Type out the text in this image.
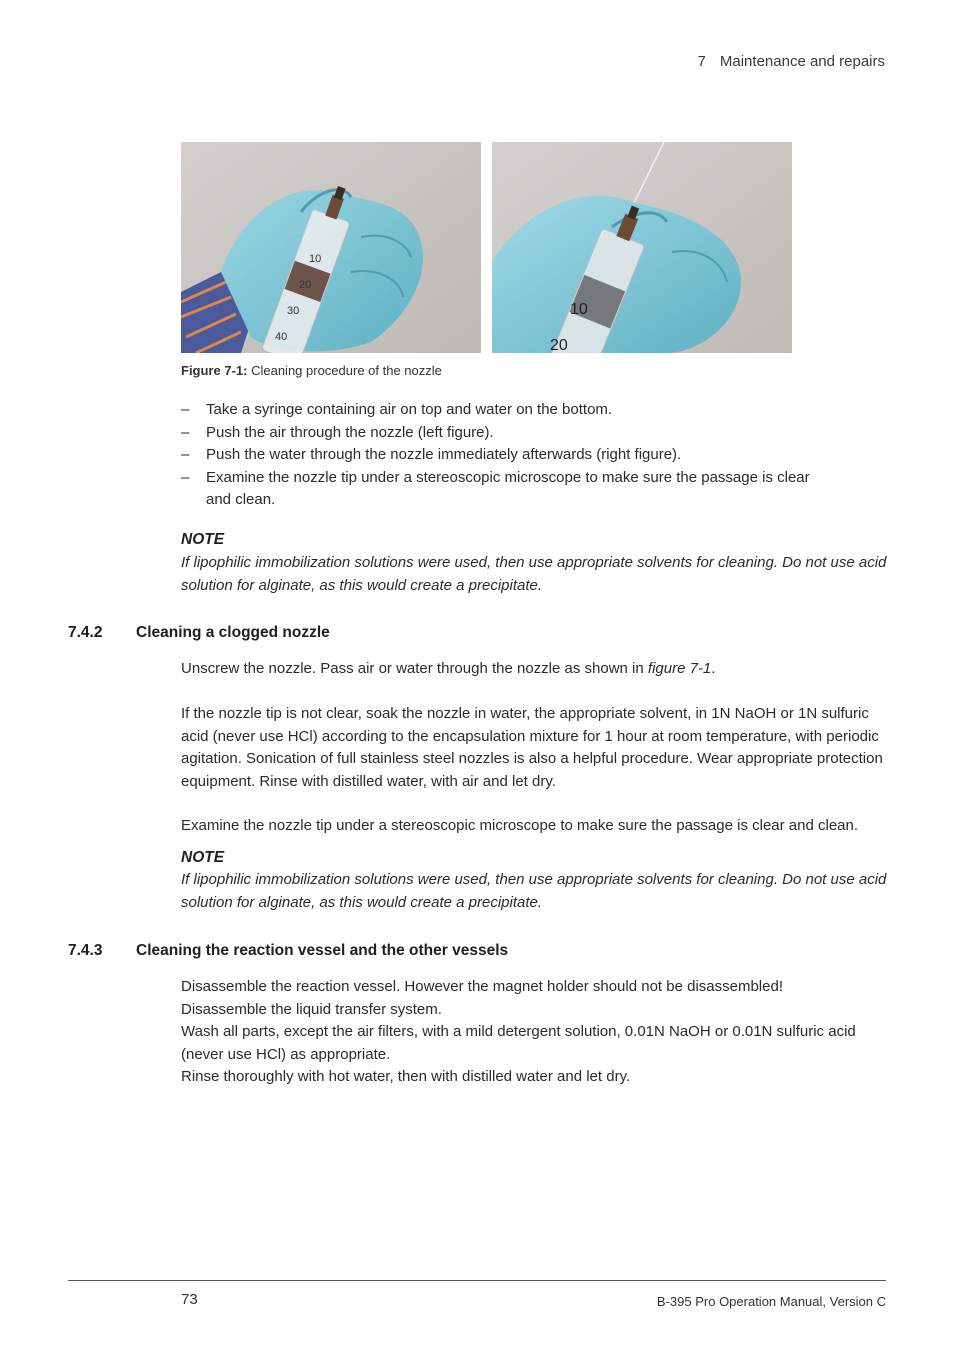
7 Maintenance and repairs
10
20
30
40
10
20
Figure 7-1: Cleaning procedure of the nozzle
– Take a syringe containing air on top and water on the bottom.
– Push the air through the nozzle (left figure).
– Push the water through the nozzle immediately afterwards (right figure).
– Examine the nozzle tip under a stereoscopic microscope to make sure the passage is clear and clean.
NOTE
If lipophilic immobilization solutions were used, then use appropriate solvents for cleaning. Do not use acid solution for alginate, as this would create a precipitate.
7.4.2 Cleaning a clogged nozzle

Unscrew the nozzle. Pass air or water through the nozzle as shown in figure 7-1.

If the nozzle tip is not clear, soak the nozzle in water, the appropriate solvent, in 1N NaOH or 1N sulfuric acid (never use HCl) according to the encapsulation mixture for 1 hour at room temperature, with periodic agitation. Sonication of full stainless steel nozzles is also a helpful procedure. Wear appropriate protection equipment. Rinse with distilled water, with air and let dry.
Examine the nozzle tip under a stereoscopic microscope to make sure the passage is clear and clean.
NOTE
If lipophilic immobilization solutions were used, then use appropriate solvents for cleaning. Do not use acid solution for alginate, as this would create a precipitate.
7.4.3 Cleaning the reaction vessel and the other vessels

Disassemble the reaction vessel. However the magnet holder should not be disassembled!

Disassemble the liquid transfer system.

Wash all parts, except the air filters, with a mild detergent solution, 0.01N NaOH or 0.01N sulfuric acid (never use HCl) as appropriate.

Rinse thoroughly with hot water, then with distilled water and let dry.

73	B-395 Pro Operation Manual, Version C
